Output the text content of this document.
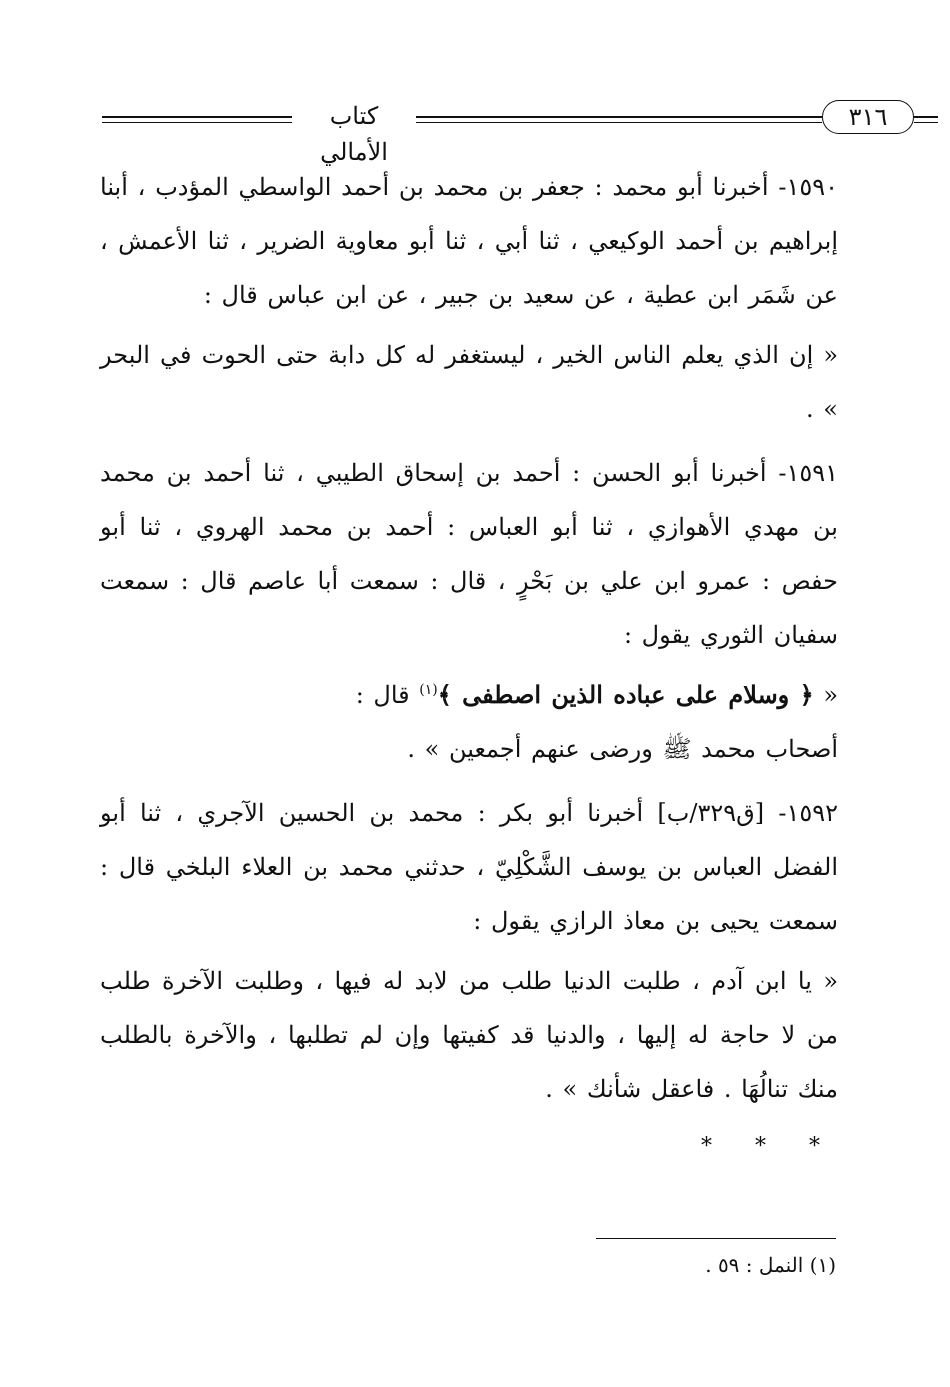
كتاب الأمالي
٣١٦

١٥٩٠- أخبرنا أبو محمد : جعفر بن محمد بن أحمد الواسطي المؤدب ، أبنا إبراهيم بن أحمد الوكيعي ، ثنا أبي ، ثنا أبو معاوية الضرير ، ثنا الأعمش ، عن شَمَر ابن عطية ، عن سعيد بن جبير ، عن ابن عباس قال :

« إن الذي يعلم الناس الخير ، ليستغفر له كل دابة حتى الحوت في البحر » .

١٥٩١- أخبرنا أبو الحسن : أحمد بن إسحاق الطيبي ، ثنا أحمد بن محمد بن مهدي الأهوازي ، ثنا أبو العباس : أحمد بن محمد الهروي ، ثنا أبو حفص : عمرو ابن علي بن بَحْرٍ ، قال : سمعت أبا عاصم قال : سمعت سفيان الثوري يقول :

« ﴿ وسلام على عباده الذين اصطفى ﴾$^{(١)}$ قال :

أصحاب محمد ﷺ ورضى عنهم أجمعين » .

١٥٩٢- [ق٣٢٩/ب] أخبرنا أبو بكر : محمد بن الحسين الآجري ، ثنا أبو الفضل العباس بن يوسف الشَّكْلِيّ ، حدثني محمد بن العلاء البلخي قال : سمعت يحيى بن معاذ الرازي يقول :

« يا ابن آدم ، طلبت الدنيا طلب من لابد له فيها ، وطلبت الآخرة طلب من لا حاجة له إليها ، والدنيا قد كفيتها وإن لم تطلبها ، والآخرة بالطلب منك تنالُهَا . فاعقل شأنك » .

* * *
(١) النمل : ٥٩ .
